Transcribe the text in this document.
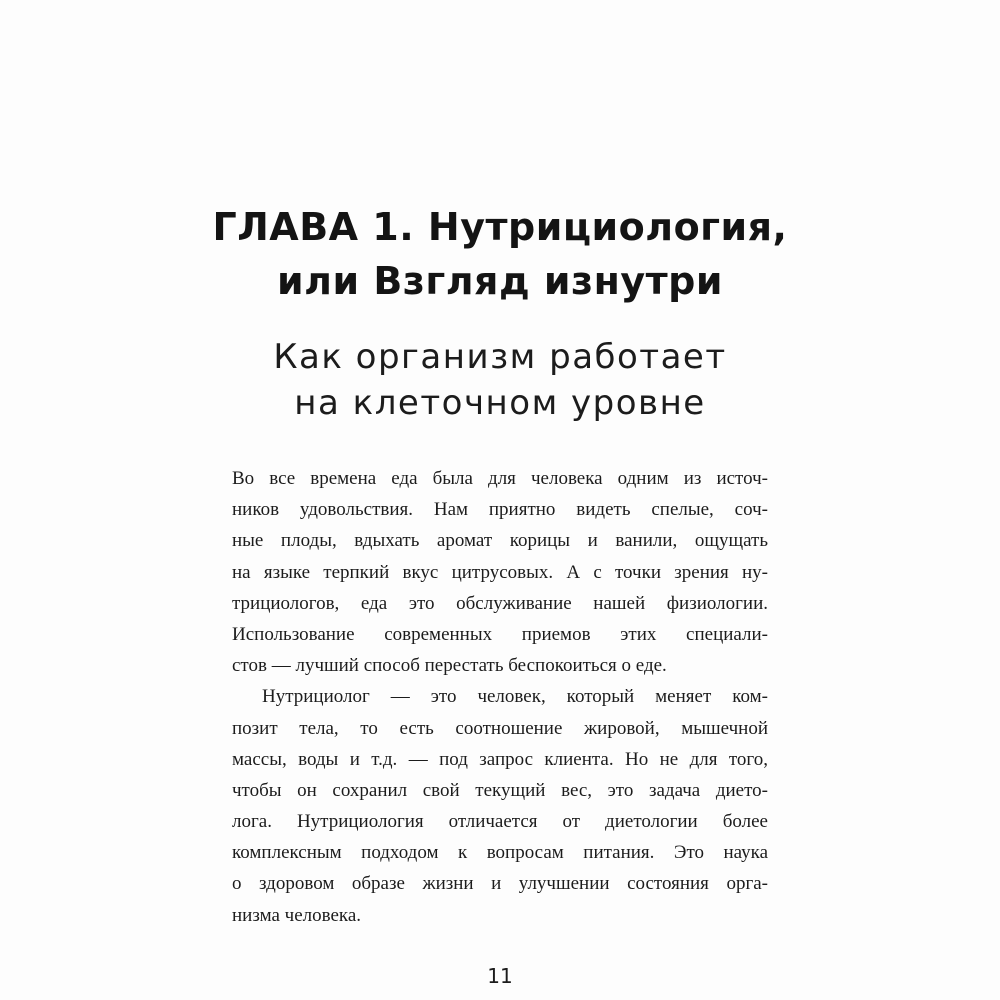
ГЛАВА 1. Нутрициология,
или Взгляд изнутри
Как организм работает
на клеточном уровне
Во все времена еда была для человека одним из источ-
ников удовольствия. Нам приятно видеть спелые, соч-
ные плоды, вдыхать аромат корицы и ванили, ощущать
на языке терпкий вкус цитрусовых. А с точки зрения ну-
трициологов, еда это обслуживание нашей физиологии.
Использование современных приемов этих специали-
стов — лучший способ перестать беспокоиться о еде.
Нутрициолог — это человек, который меняет ком-
позит тела, то есть соотношение жировой, мышечной
массы, воды и т.д. — под запрос клиента. Но не для того,
чтобы он сохранил свой текущий вес, это задача дието-
лога. Нутрициология отличается от диетологии более
комплексным подходом к вопросам питания. Это наука
о здоровом образе жизни и улучшении состояния орга-
низма человека.
11
